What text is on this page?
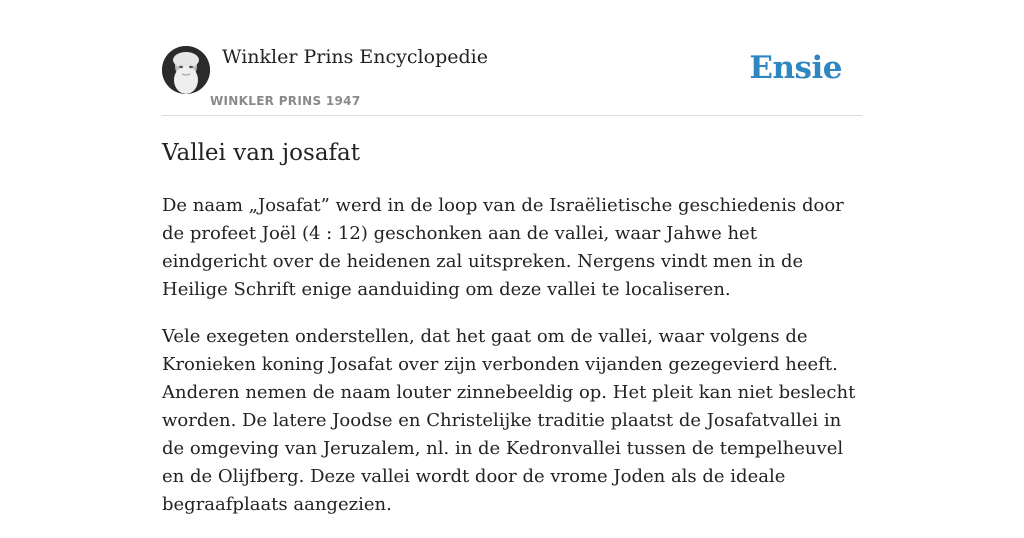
Winkler Prins Encyclopedie
WINKLER PRINS 1947
Ensie
Vallei van josafat

De naam „Josafat” werd in de loop van de Israëlietische geschiedenis door de profeet Joël (4 : 12) geschonken aan de vallei, waar Jahwe het eindgericht over de heidenen zal uitspreken. Nergens vindt men in de Heilige Schrift enige aanduiding om deze vallei te localiseren.

Vele exegeten onderstellen, dat het gaat om de vallei, waar volgens de Kronieken koning Josafat over zijn verbonden vijanden gezegevierd heeft. Anderen nemen de naam louter zinnebeeldig op. Het pleit kan niet beslecht worden. De latere Joodse en Christelijke traditie plaatst de Josafatvallei in de omgeving van Jeruzalem, nl. in de Kedronvallei tussen de tempelheuvel en de Olijfberg. Deze vallei wordt door de vrome Joden als de ideale begraafplaats aangezien.
